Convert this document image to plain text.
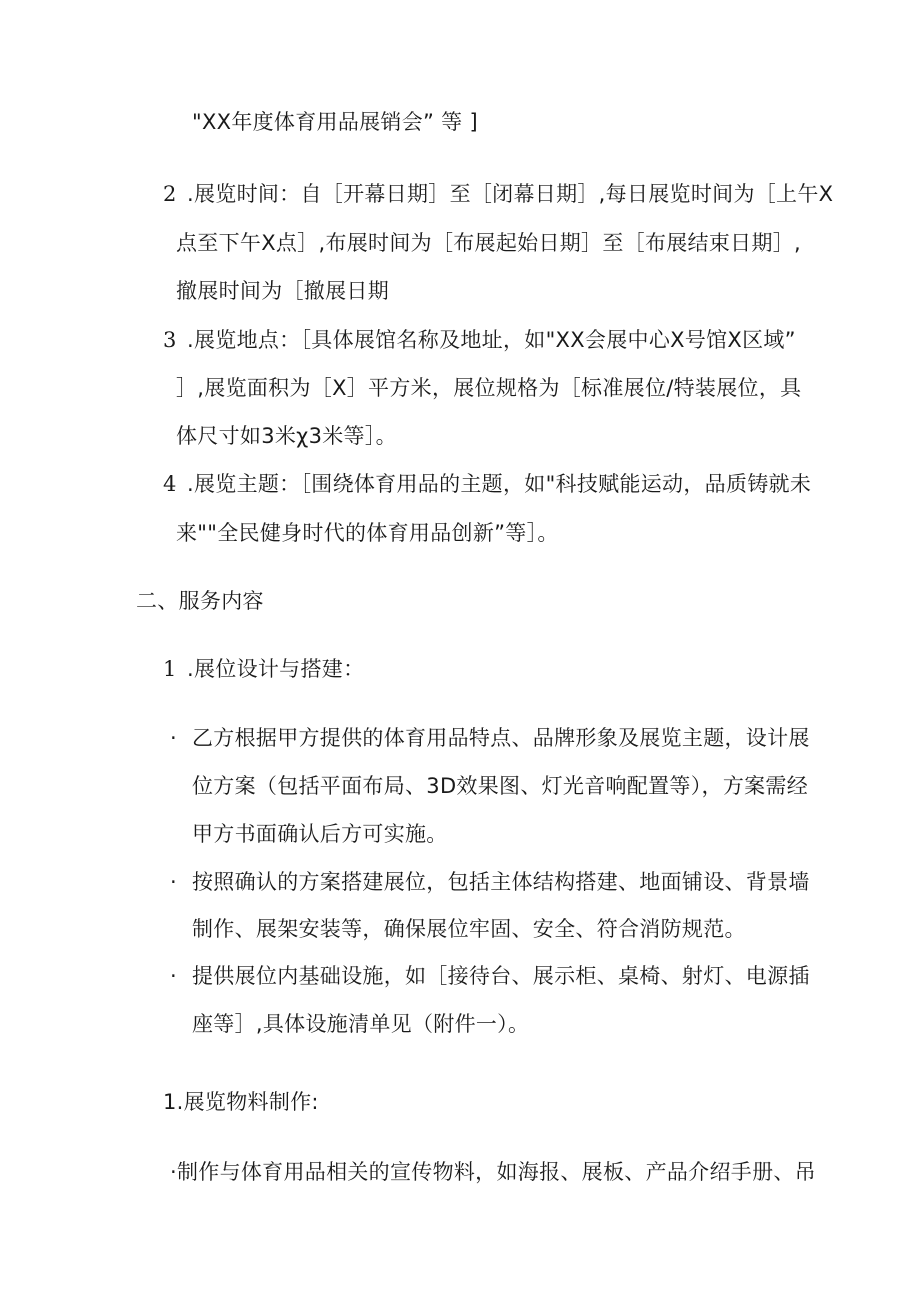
"XX年度体育用品展销会” 等 ]
2 .展览时间：自［开幕日期］至［闭幕日期］,每日展览时间为［上午X
点至下午X点］,布展时间为［布展起始日期］至［布展结束日期］,
撤展时间为［撤展日期
3 .展览地点：［具体展馆名称及地址，如"XX会展中心X号馆X区域”
］,展览面积为［X］平方米，展位规格为［标准展位/特装展位，具
体尺寸如3米χ3米等］。
4 .展览主题：［围绕体育用品的主题，如"科技赋能运动，品质铸就未
来""全民健身时代的体育用品创新”等］。
二、服务内容
1 .展位设计与搭建：
· 乙方根据甲方提供的体育用品特点、品牌形象及展览主题，设计展
位方案（包括平面布局、3D效果图、灯光音响配置等），方案需经
甲方书面确认后方可实施。
· 按照确认的方案搭建展位，包括主体结构搭建、地面铺设、背景墙
制作、展架安装等，确保展位牢固、安全、符合消防规范。
· 提供展位内基础设施，如［接待台、展示柜、桌椅、射灯、电源插
座等］,具体设施清单见（附件一）。
1.展览物料制作:
·制作与体育用品相关的宣传物料，如海报、展板、产品介绍手册、吊
